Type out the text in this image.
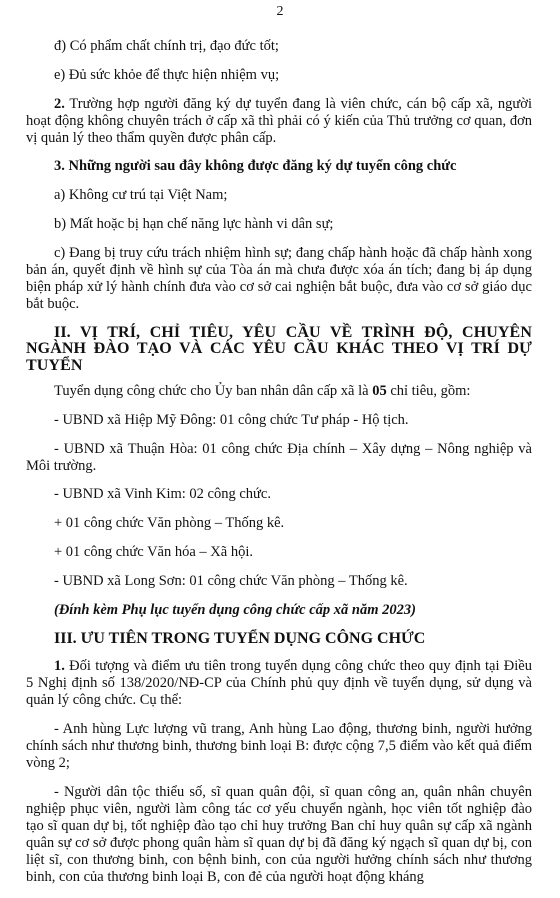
2

đ) Có phẩm chất chính trị, đạo đức tốt;

e) Đủ sức khỏe để thực hiện nhiệm vụ;

2. Trường hợp người đăng ký dự tuyển đang là viên chức, cán bộ cấp xã, người hoạt động không chuyên trách ở cấp xã thì phải có ý kiến của Thủ trưởng cơ quan, đơn vị quản lý theo thẩm quyền được phân cấp.

3. Những người sau đây không được đăng ký dự tuyển công chức

a) Không cư trú tại Việt Nam;

b) Mất hoặc bị hạn chế năng lực hành vi dân sự;

c) Đang bị truy cứu trách nhiệm hình sự; đang chấp hành hoặc đã chấp hành xong bản án, quyết định về hình sự của Tòa án mà chưa được xóa án tích; đang bị áp dụng biện pháp xử lý hành chính đưa vào cơ sở cai nghiện bắt buộc, đưa vào cơ sở giáo dục bắt buộc.

II. VỊ TRÍ, CHỈ TIÊU, YÊU CẦU VỀ TRÌNH ĐỘ, CHUYÊN NGÀNH ĐÀO TẠO VÀ CÁC YÊU CẦU KHÁC THEO VỊ TRÍ DỰ TUYỂN

Tuyển dụng công chức cho Ủy ban nhân dân cấp xã là 05 chỉ tiêu, gồm:

- UBND xã Hiệp Mỹ Đông: 01 công chức Tư pháp - Hộ tịch.

- UBND xã Thuận Hòa: 01 công chức Địa chính – Xây dựng – Nông nghiệp và Môi trường.

- UBND xã Vinh Kim: 02 công chức.

+ 01 công chức Văn phòng – Thống kê.

+ 01 công chức Văn hóa – Xã hội.

- UBND xã Long Sơn: 01 công chức Văn phòng – Thống kê.

(Đính kèm Phụ lục tuyển dụng công chức cấp xã năm 2023)

III. ƯU TIÊN TRONG TUYỂN DỤNG CÔNG CHỨC

1. Đối tượng và điểm ưu tiên trong tuyển dụng công chức theo quy định tại Điều 5 Nghị định số 138/2020/NĐ-CP của Chính phủ quy định về tuyển dụng, sử dụng và quản lý công chức. Cụ thể:

- Anh hùng Lực lượng vũ trang, Anh hùng Lao động, thương binh, người hưởng chính sách như thương binh, thương binh loại B: được cộng 7,5 điểm vào kết quả điểm vòng 2;

- Người dân tộc thiểu số, sĩ quan quân đội, sĩ quan công an, quân nhân chuyên nghiệp phục viên, người làm công tác cơ yếu chuyển ngành, học viên tốt nghiệp đào tạo sĩ quan dự bị, tốt nghiệp đào tạo chỉ huy trưởng Ban chỉ huy quân sự cấp xã ngành quân sự cơ sở được phong quân hàm sĩ quan dự bị đã đăng ký ngạch sĩ quan dự bị, con liệt sĩ, con thương binh, con bệnh binh, con của người hưởng chính sách như thương binh, con của thương binh loại B, con đẻ của người hoạt động kháng
